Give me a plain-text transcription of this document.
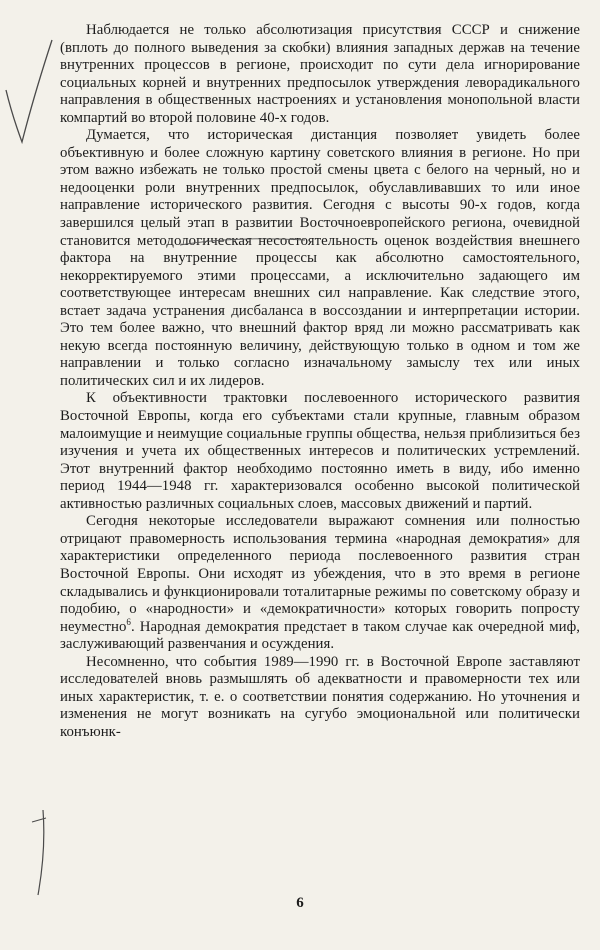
Наблюдается не только абсолютизация присутствия СССР и снижение (вплоть до полного выведения за скобки) влияния западных держав на течение внутренних процессов в регионе, происходит по сути дела игнорирование социальных корней и внутренних предпосылок утверждения леворадикального направления в общественных настроениях и установления монопольной власти компартий во второй половине 40-х годов.

Думается, что историческая дистанция позволяет увидеть более объективную и более сложную картину советского влияния в регионе. Но при этом важно избежать не только простой смены цвета с белого на черный, но и недооценки роли внутренних предпосылок, обуславливавших то или иное направление исторического развития. Сегодня с высоты 90-х годов, когда завершился целый этап в развитии Восточноевропейского региона, очевидной становится методологическая несостоятельность оценок воздействия внешнего фактора на внутренние процессы как абсолютно самостоятельного, некорректируемого этими процессами, а исключительно задающего им соответствующее интересам внешних сил направление. Как следствие этого, встает задача устранения дисбаланса в воссоздании и интерпретации истории. Это тем более важно, что внешний фактор вряд ли можно рассматривать как некую всегда постоянную величину, действующую только в одном и том же направлении и только согласно изначальному замыслу тех или иных политических сил и их лидеров.

К объективности трактовки послевоенного исторического развития Восточной Европы, когда его субъектами стали крупные, главным образом малоимущие и неимущие социальные группы общества, нельзя приблизиться без изучения и учета их общественных интересов и политических устремлений. Этот внутренний фактор необходимо постоянно иметь в виду, ибо именно период 1944—1948 гг. характеризовался особенно высокой политической активностью различных социальных слоев, массовых движений и партий.

Сегодня некоторые исследователи выражают сомнения или полностью отрицают правомерность использования термина «народная демократия» для характеристики определенного периода послевоенного развития стран Восточной Европы. Они исходят из убеждения, что в это время в регионе складывались и функционировали тоталитарные режимы по советскому образу и подобию, о «народности» и «демократичности» которых говорить попросту неуместно$^6$. Народная демократия предстает в таком случае как очередной миф, заслуживающий развенчания и осуждения.

Несомненно, что события 1989—1990 гг. в Восточной Европе заставляют исследователей вновь размышлять об адекватности и правомерности тех или иных характеристик, т. е. о соответствии понятия содержанию. Но уточнения и изменения не могут возникать на сугубо эмоциональной или политически конъюнк-

6
